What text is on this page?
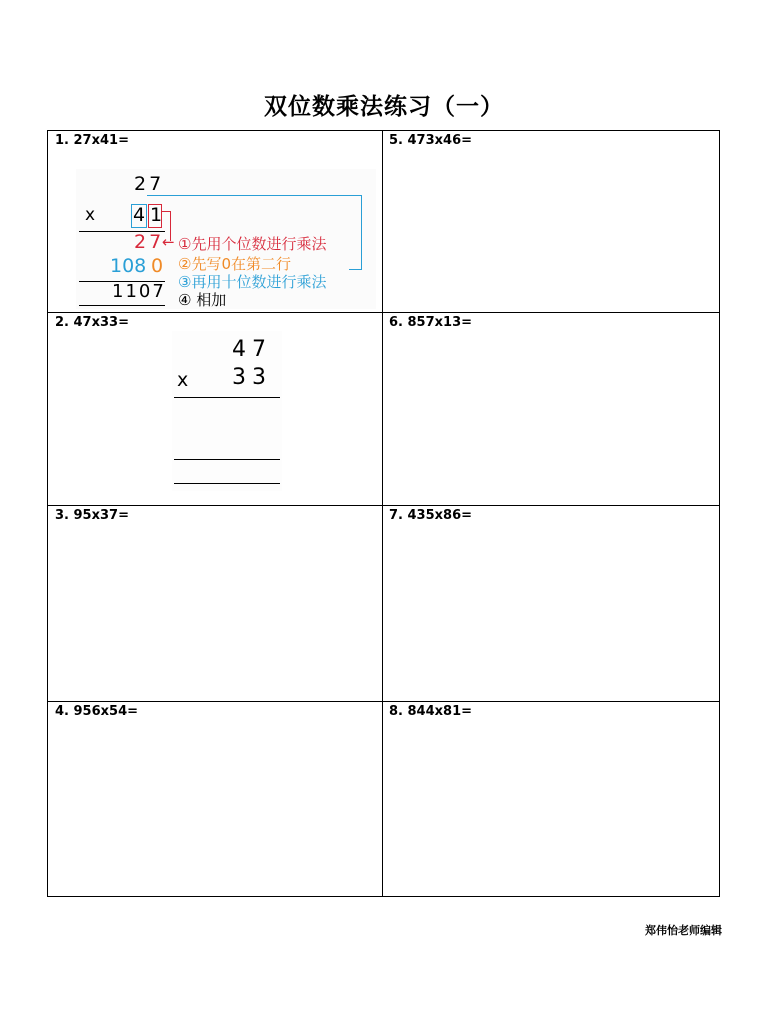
双位数乘法练习（一）
1. 27x41=
2. 47x33=
3. 95x37=
4. 956x54=
5. 473x46=
6. 857x13=
7. 435x86=
8. 844x81=
27
x 4 1
27
← ①先用个位数进行乘法
108 0 ②先写0在第二行
③再用十位数进行乘法
1107 ④ 相加
47
x 33
郑伟怡老师编辑
